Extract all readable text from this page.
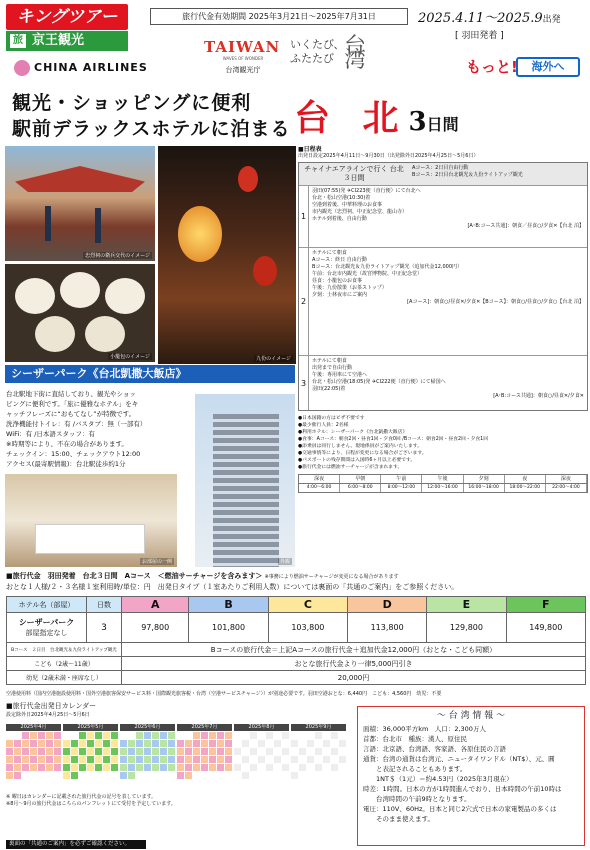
キングツアー
旅 京王観光
旅行代金有効期間 2025年3月21日～2025年7月31日	2025.4.11～2025.9出発
[ 羽田発着 ]
TAIWAN
WAVES OF WONDER
台湾観光庁
いくたび、
ふたたび 台湾	もっと!	海外へ
CHINA AIRLINES
観光・ショッピングに便利
駅前デラックスホテルに泊まる 台 北3日間
忠烈祠の衛兵交代のイメージ
九份のイメージ
小籠包のイメージ
シーザーパーク《台北凱撒大飯店》
台北駅地下街に直結しており、観光やショッ
ピングに便利です。「旅に優雅なホテル」をキ
ャッチフレーズに“おもてなし”が特徴です。
洗浄機能付トイレ：有 /バスタブ：無（一部有）
WiFi：有 /日本語スタッフ：有
※時期等により、不在の場合があります。
チェックイン：15:00、チェックアウト12:00
アクセス(最寄駅情報)：台北駅徒歩約1分
お部屋の一例	外観
■日程表
出発日設定2025年4月11日～9月30日（出発除外日2025年4月25日～5月6日）
チャイナエアラインで行く 台北３日間
Aコース：2日目自由行動
Bコース：2日目台北観光＆九份ライトアップ観光
1
羽田(07:55)発 ✈CI223便（直行便）にて台北へ
台北・松山空港(10:30)着
空港到着後、中華料理のお食事
市内観光（忠烈祠、中正紀念堂、龍山寺）
ホテル到着後、自由行動
[A･B:コース共通]：朝食／昼食○/夕食✕【台北 泊】
2
ホテルにて朝食
Aコース：終日 自由行動
Bコース：台北観光＆九份ライトアップ観光（追加代金12,000円）
午前：台北市内観光（故宮博物院、中正紀念堂）
昼食：小籠包のお食事
午後：九份散策（お茶ストップ）
夕刻：士林夜市にご案内
[Aコース]：朝食○/昼食✕/夕食✕【Bコース】：朝食○/昼食○/夕食○【台北 泊】
3
ホテルにて朝食
出発まで自由行動
午後：専用車にて空港へ
台北・松山空港(18:05)発 ✈CI222便（直行便）にて帰国へ
羽田(22:05)着
[A･B:コース共通]：朝食○/昼食✕/夕食✕
●日本国籍の方はビザ不要です
●最少催行人員：2名様
●利用ホテル：シーザーパーク《台北凱撒大飯店》
●食事：Aコース：朝食2回・昼食1回・夕食0回 /Bコース：朝食2回・昼食2回・夕食1回
●添乗員は同行しません。現地係員がご案内いたします。
●交通事情等により、日程が変更になる場合がございます。
●パスポートの残存期間は入国時6ヶ月以上必要です。
●旅行代金には燃油サーチャージが含まれます。
深夜	早朝	午前	午後	夕刻	夜	深夜
4:00～6:00	6:00～8:00	8:00～12:00	12:00～16:00	16:00～18:00	18:00～22:00	22:00～4:00
■旅行代金　羽田発着　台北３日間　Aコース　＜燃油サーチャージを含みます＞ ※事務により燃油サーチャージが変更になる場合があります
おとな１人様/２・３名様１室利用時/単位：円　出発日タイプ（１室あたりご利用人数）については裏面の「共通のご案内」をご参照ください。
ホテル名（部屋）	日数	A	B	C	D	E	F

シーザーパーク
部屋指定なし	3	97,800	101,800	103,800	113,800	129,800	149,800
Bコース　２日目　台北観光＆九份ライトアップ観光		Bコースの旅行代金＝上記Aコースの旅行代金＋追加代金12,000円（おとな・こども同額）					
こども（2歳～11歳）		おとな旅行代金より一律5,000円引き					
幼児（2歳未満・座席なし）		20,000円					
空港使用料（国内空港施設使用料・国外空港旅客保安サービス料・国際観光旅客税・台湾（空港サービスチャージ））が別途必要です。羽田空港おとな：6,440円　こども：4,560円　幼児：不要
■旅行代金出発日カレンダー
設定除外日2025年4月25日～5月6日
2025年4月	2025年5月	2025年6月	2025年7月	2025年8月	2025年9月
※ 曜日はカレンダーに記載された旅行代金の記号を表しています。
※8月～9月の旅行代金はこちらのパンフレットにて受付を予定しています。
～ 台 湾 情 報 ～
面積：36,000平方km　人口：2,300万人
首都：台北市　種族：漢人、原住民
言語：北京語、台湾語、客家語、各原住民の言語
通貨：台湾の通貨は台湾元、ニュータイワンドル（NT$）、元、圓
　　と表記されることもあります。
　　1NT＄（1元）＝約4.53円（2025年3月現在）
時差：1時間。日本の方が1時間進んでおり、日本時間の午前10時は
　　台湾時間の午前9時となります。
電圧：110V、60Hz。日本と同じ2穴式で日本の家電製品の多くは
　　そのまま使えます。
裏面の「共通のご案内」を必ずご確認ください。
